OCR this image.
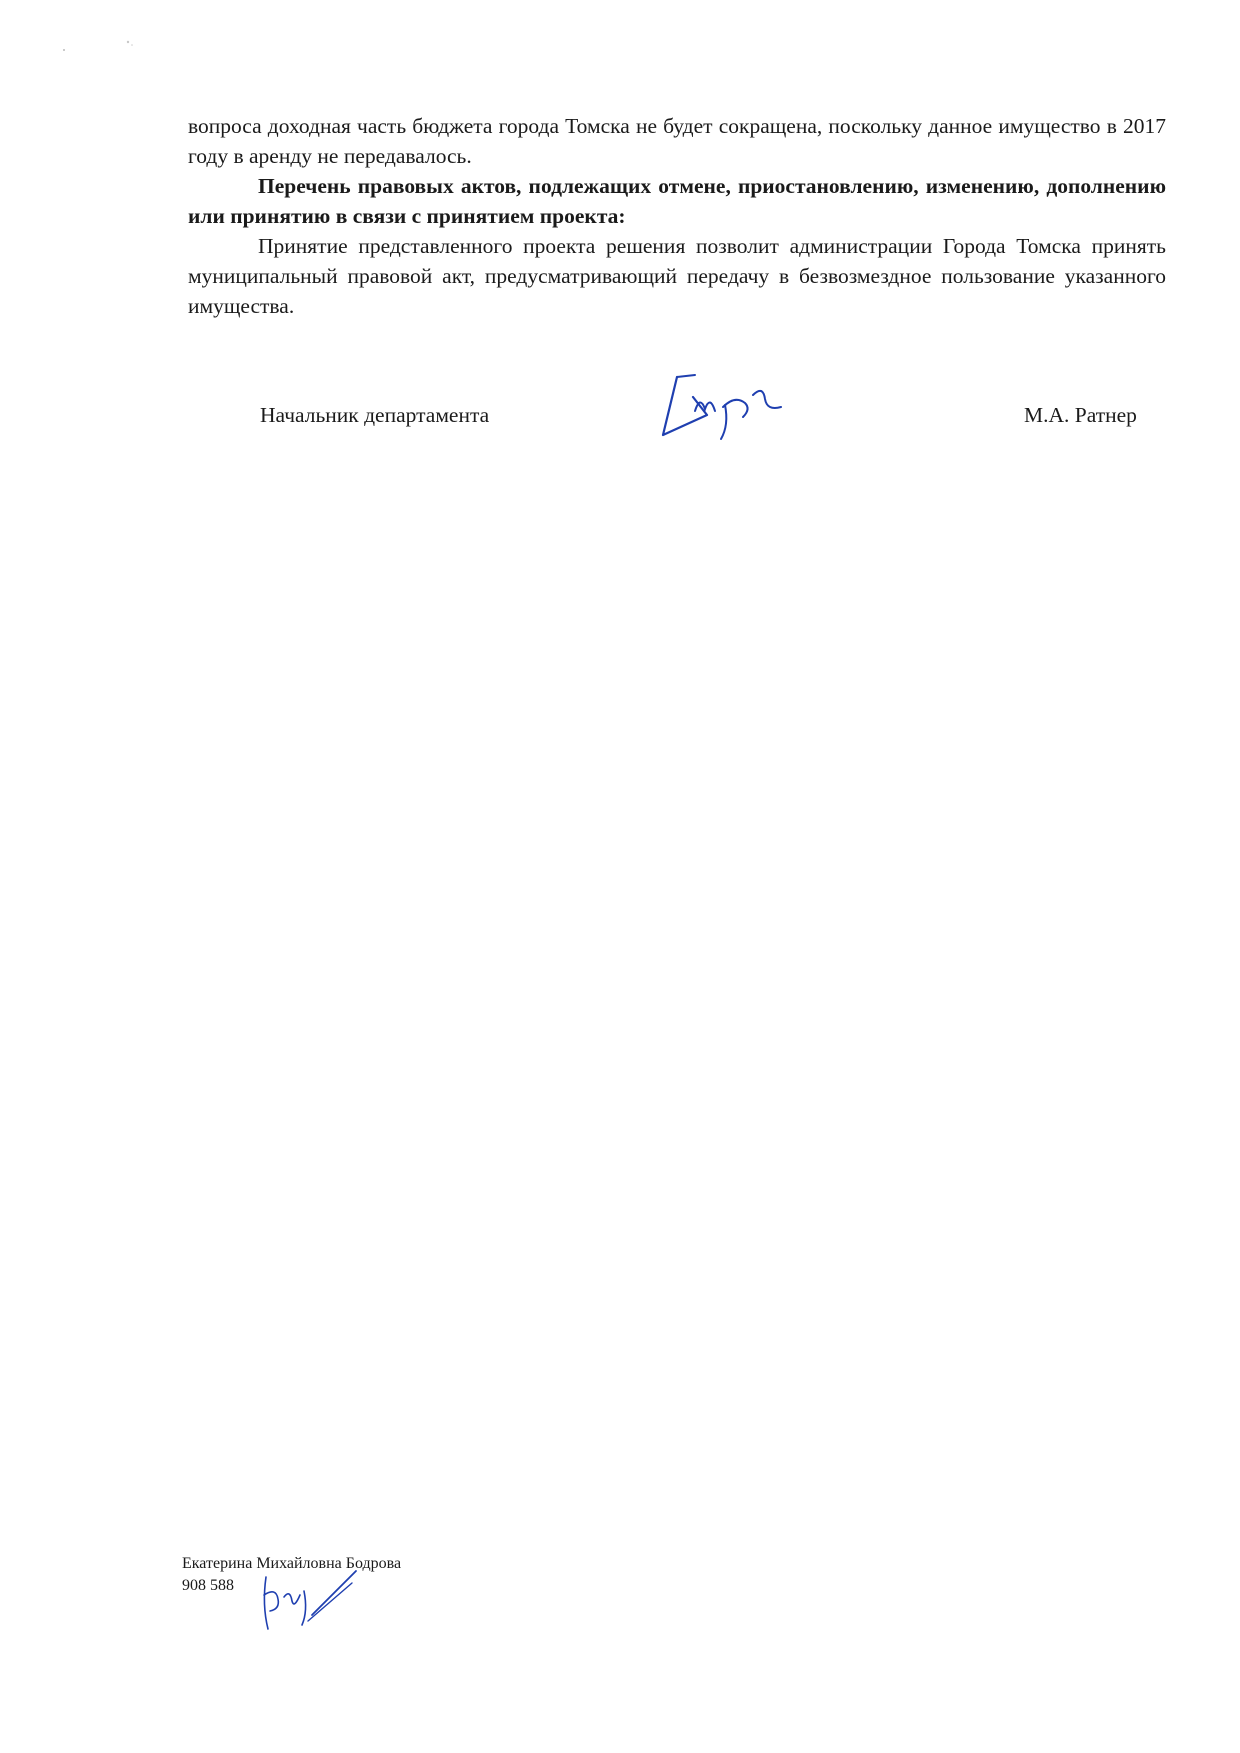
вопроса доходная часть бюджета города Томска не будет сокращена, поскольку данное имущество в 2017 году в аренду не передавалось.

Перечень правовых актов, подлежащих отмене, приостановлению, изменению, дополнению или принятию в связи с принятием проекта:

Принятие представленного проекта решения позволит администрации Города Томска принять муниципальный правовой акт, предусматривающий передачу в безвозмездное пользование указанного имущества.

Начальник департамента	М.А. Ратнер
Екатерина Михайловна Бодрова
908 588
